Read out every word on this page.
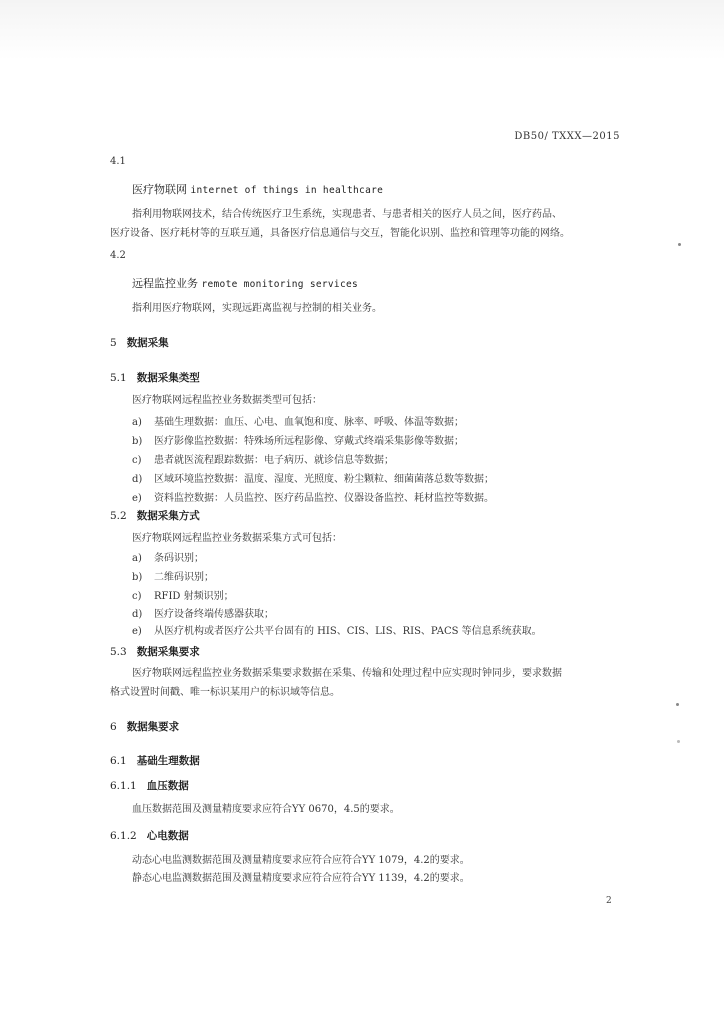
DB50/ TXXX—2015
4.1
医疗物联网 internet of things in healthcare
指利用物联网技术，结合传统医疗卫生系统，实现患者、与患者相关的医疗人员之间，医疗药品、
医疗设备、医疗耗材等的互联互通，具备医疗信息通信与交互，智能化识别、监控和管理等功能的网络。
4.2
远程监控业务 remote monitoring services
指利用医疗物联网，实现远距离监视与控制的相关业务。
5 数据采集
5.1 数据采集类型
医疗物联网远程监控业务数据类型可包括：
a) 基础生理数据：血压、心电、血氧饱和度、脉率、呼吸、体温等数据；
b) 医疗影像监控数据：特殊场所远程影像、穿戴式终端采集影像等数据；
c) 患者就医流程跟踪数据：电子病历、就诊信息等数据；
d) 区域环境监控数据：温度、湿度、光照度、粉尘颗粒、细菌菌落总数等数据；
e) 资料监控数据：人员监控、医疗药品监控、仪器设备监控、耗材监控等数据。
5.2 数据采集方式
医疗物联网远程监控业务数据采集方式可包括：
a) 条码识别；
b) 二维码识别；
c) RFID 射频识别；
d) 医疗设备终端传感器获取；
e) 从医疗机构或者医疗公共平台固有的 HIS、CIS、LIS、RIS、PACS 等信息系统获取。
5.3 数据采集要求
医疗物联网远程监控业务数据采集要求数据在采集、传输和处理过程中应实现时钟同步，要求数据
格式设置时间戳、唯一标识某用户的标识域等信息。
6 数据集要求
6.1 基础生理数据
6.1.1 血压数据
血压数据范围及测量精度要求应符合YY 0670，4.5的要求。
6.1.2 心电数据
动态心电监测数据范围及测量精度要求应符合应符合YY 1079，4.2的要求。
静态心电监测数据范围及测量精度要求应符合应符合YY 1139，4.2的要求。
2
